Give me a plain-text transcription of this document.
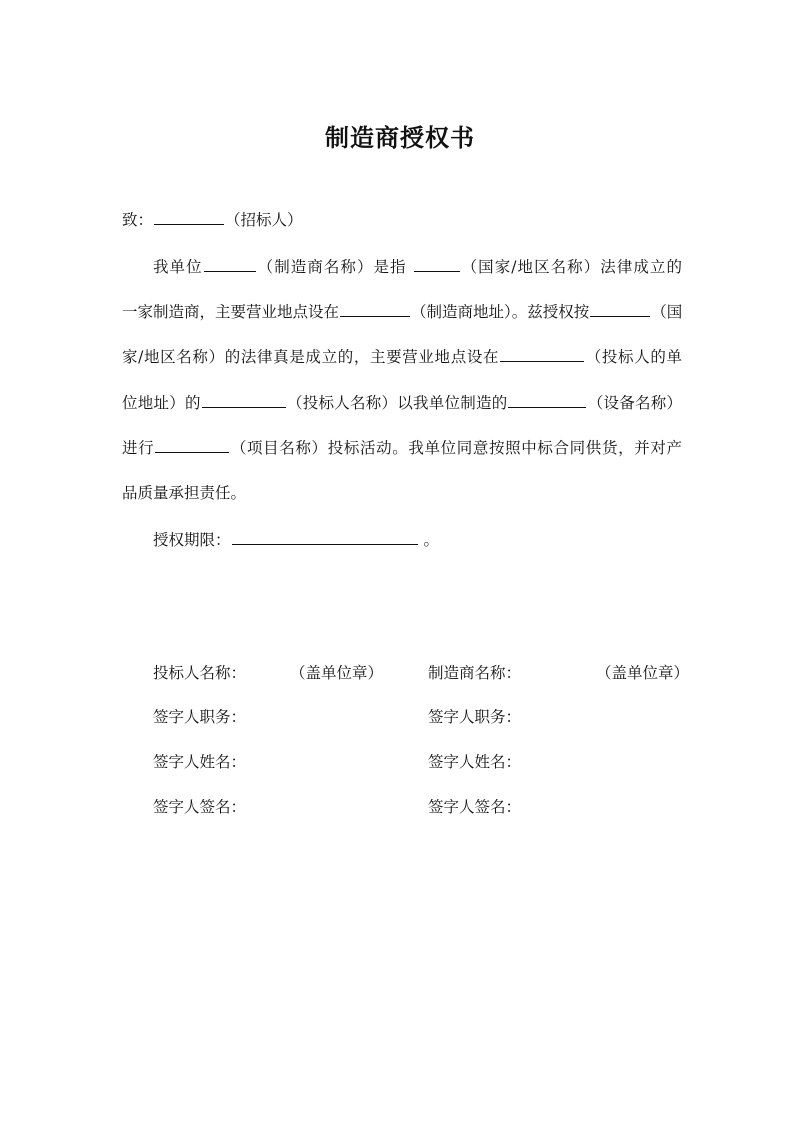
制造商授权书
致：	（招标人）
我单位	（制造商名称）是指	（国家/地区名称）法律成立的
一家制造商，主要营业地点设在	（制造商地址）。兹授权按	（国
家/地区名称）的法律真是成立的，主要营业地点设在	（投标人的单
位地址）的	（投标人名称）以我单位制造的	（设备名称）
进行	（项目名称）投标活动。我单位同意按照中标合同供货，并对产
品质量承担责任。
授权期限：	。
投标人名称：	（盖单位章）	制造商名称：	（盖单位章）
签字人职务：	签字人职务：
签字人姓名：	签字人姓名：
签字人签名：	签字人签名：
